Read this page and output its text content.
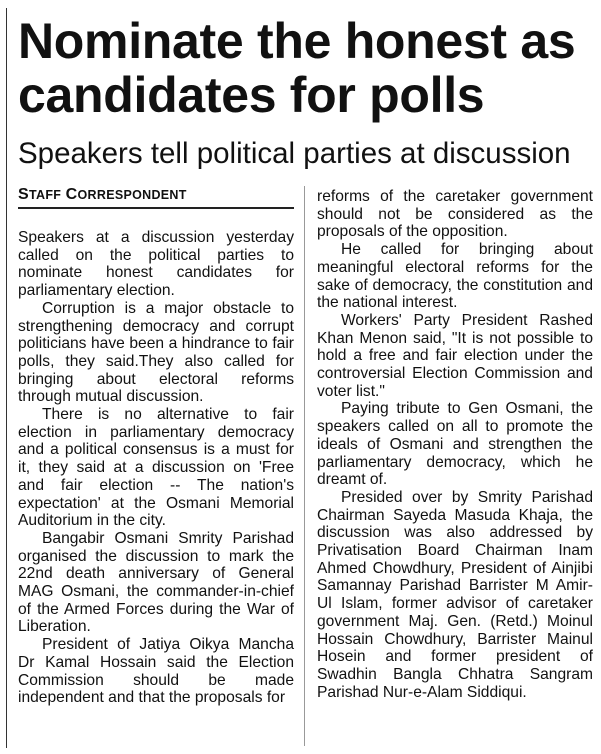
Nominate the honest as candidates for polls
Speakers tell political parties at discussion
STAFF CORRESPONDENT

Speakers at a discussion yesterday called on the political parties to nominate honest candidates for parliamentary election.

Corruption is a major obstacle to strengthening democracy and corrupt politicians have been a hindrance to fair polls, they said.They also called for bringing about electoral reforms through mutual discussion.

There is no alternative to fair election in parliamentary democracy and a political consensus is a must for it, they said at a discussion on 'Free and fair election -- The nation's expectation' at the Osmani Memorial Auditorium in the city.

Bangabir Osmani Smrity Parishad organised the discussion to mark the 22nd death anniversary of General MAG Osmani, the commander-in-chief of the Armed Forces during the War of Liberation.

President of Jatiya Oikya Mancha Dr Kamal Hossain said the Election Commission should be made independent and that the proposals for

reforms of the caretaker government should not be considered as the proposals of the opposition.

He called for bringing about meaningful electoral reforms for the sake of democracy, the constitution and the national interest.

Workers' Party President Rashed Khan Menon said, "It is not possible to hold a free and fair election under the controversial Election Commission and voter list."

Paying tribute to Gen Osmani, the speakers called on all to promote the ideals of Osmani and strengthen the parliamentary democracy, which he dreamt of.

Presided over by Smrity Parishad Chairman Sayeda Masuda Khaja, the discussion was also addressed by Privatisation Board Chairman Inam Ahmed Chowdhury, President of Ainjibi Samannay Parishad Barrister M Amir-Ul Islam, former advisor of caretaker government Maj. Gen. (Retd.) Moinul Hossain Chowdhury, Barrister Mainul Hosein and former president of Swadhin Bangla Chhatra Sangram Parishad Nur-e-Alam Siddiqui.
